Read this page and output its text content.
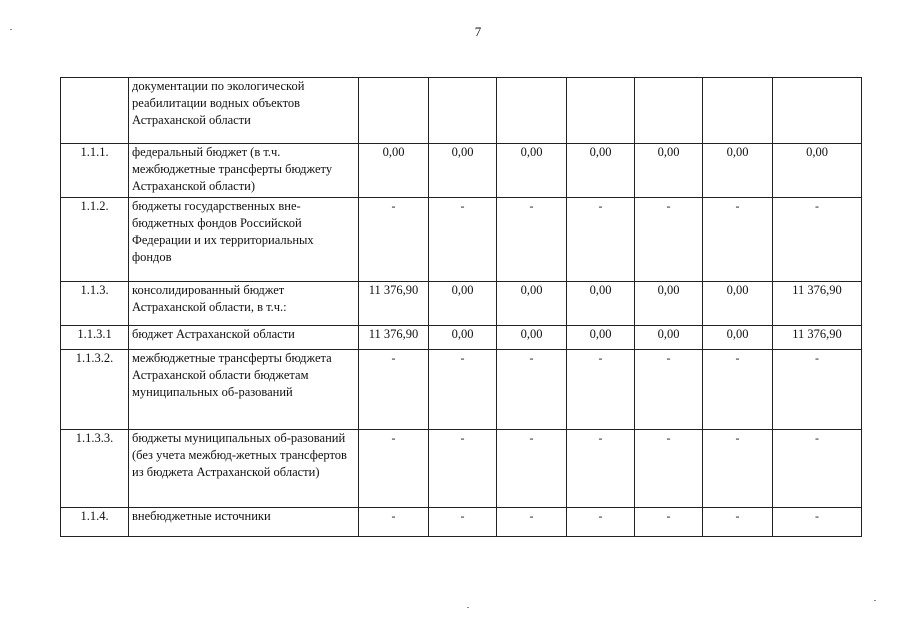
7
	документации по экологической реабилитации водных объектов Астраханской области							
1.1.1.	федеральный бюджет (в т.ч. межбюджетные трансферты бюджету Астраханской области)	0,00	0,00	0,00	0,00	0,00	0,00	0,00
1.1.2.	бюджеты государственных вне-бюджетных фондов Российской Федерации и их территориальных фондов	-	-	-	-	-	-	-
1.1.3.	консолидированный бюджет Астраханской области, в т.ч.:	11 376,90	0,00	0,00	0,00	0,00	0,00	11 376,90
1.1.3.1	бюджет Астраханской области	11 376,90	0,00	0,00	0,00	0,00	0,00	11 376,90
1.1.3.2.	межбюджетные трансферты бюджета Астраханской области бюджетам муниципальных об-разований	-	-	-	-	-	-	-
1.1.3.3.	бюджеты муниципальных об-разований (без учета межбюд-жетных трансфертов из бюджета Астраханской области)	-	-	-	-	-	-	-
1.1.4.	внебюджетные источники	-	-	-	-	-	-	-
